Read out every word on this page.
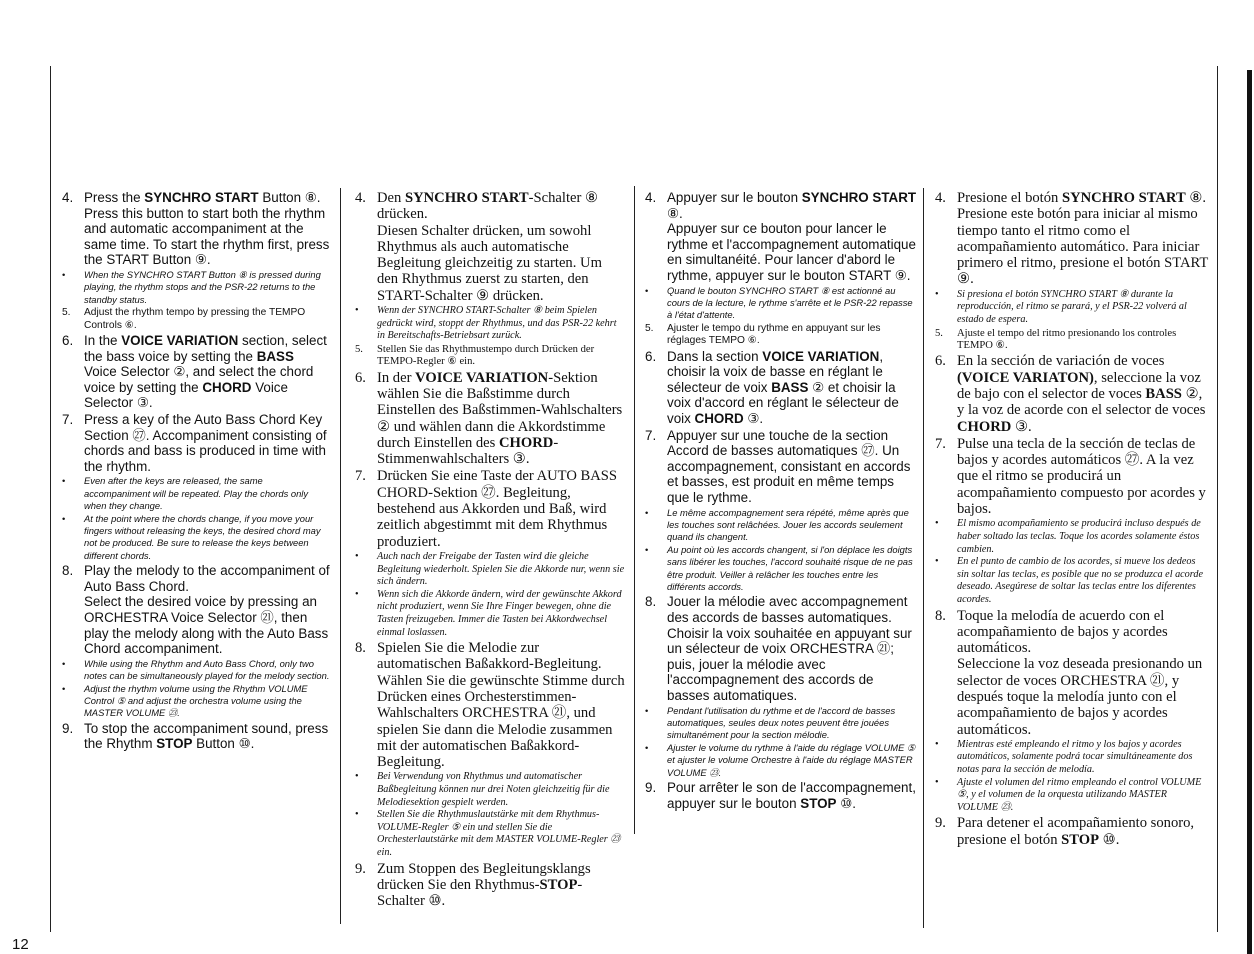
4. Press the SYNCHRO START Button ⑧.
Press this button to start both the rhythm and automatic accompaniment at the same time. To start the rhythm first, press the START Button ⑨.
•	When the SYNCHRO START Button ⑧ is pressed during playing, the rhythm stops and the PSR-22 returns to the standby status.
5.	Adjust the rhythm tempo by pressing the TEMPO Controls ⑥.
6. In the VOICE VARIATION section, select the bass voice by setting the BASS Voice Selector ②, and select the chord voice by setting the CHORD Voice Selector ③.
7. Press a key of the Auto Bass Chord Key Section ㉗. Accompaniment consisting of chords and bass is produced in time with the rhythm.
•	Even after the keys are released, the same accompaniment will be repeated. Play the chords only when they change.
•	At the point where the chords change, if you move your fingers without releasing the keys, the desired chord may not be produced. Be sure to release the keys between different chords.
8. Play the melody to the accompaniment of Auto Bass Chord.
Select the desired voice by pressing an ORCHESTRA Voice Selector ㉑, then play the melody along with the Auto Bass Chord accompaniment.
•	While using the Rhythm and Auto Bass Chord, only two notes can be simultaneously played for the melody section.
•	Adjust the rhythm volume using the Rhythm VOLUME Control ⑤ and adjust the orchestra volume using the MASTER VOLUME ㉓.
9. To stop the accompaniment sound, press the Rhythm STOP Button ⑩.
4. Den SYNCHRO START-Schalter ⑧ drücken.
Diesen Schalter drücken, um sowohl Rhythmus als auch automatische Begleitung gleichzeitig zu starten. Um den Rhythmus zuerst zu starten, den START-Schalter ⑨ drücken.
•	Wenn der SYNCHRO START-Schalter ⑧ beim Spielen gedrückt wird, stoppt der Rhythmus, und das PSR-22 kehrt in Bereitschafts-Betriebsart zurück.
5.	Stellen Sie das Rhythmustempo durch Drücken der TEMPO-Regler ⑥ ein.
6. In der VOICE VARIATION-Sektion wählen Sie die Baßstimme durch Einstellen des Baßstimmen-Wahlschalters ② und wählen dann die Akkordstimme durch Einstellen des CHORD- Stimmenwahlschalters ③.
7. Drücken Sie eine Taste der AUTO BASS CHORD-Sektion ㉗. Begleitung, bestehend aus Akkorden und Baß, wird zeitlich abgestimmt mit dem Rhythmus produziert.
•	Auch nach der Freigabe der Tasten wird die gleiche Begleitung wiederholt. Spielen Sie die Akkorde nur, wenn sie sich ändern.
•	Wenn sich die Akkorde ändern, wird der gewünschte Akkord nicht produziert, wenn Sie Ihre Finger bewegen, ohne die Tasten freizugeben. Immer die Tasten bei Akkordwechsel einmal loslassen.
8. Spielen Sie die Melodie zur automatischen Baßakkord-Begleitung.
Wählen Sie die gewünschte Stimme durch Drücken eines Orchesterstimmen-Wahlschalters ORCHESTRA ㉑, und spielen Sie dann die Melodie zusammen mit der automatischen Baßakkord-Begleitung.
•	Bei Verwendung von Rhythmus und automatischer Baßbegleitung können nur drei Noten gleichzeitig für die Melodiesektion gespielt werden.
•	Stellen Sie die Rhythmuslautstärke mit dem Rhythmus-VOLUME-Regler ⑤ ein und stellen Sie die Orchesterlautstärke mit dem MASTER VOLUME-Regler ㉓ ein.
9. Zum Stoppen des Begleitungsklangs drücken Sie den Rhythmus-STOP-Schalter ⑩.
4. Appuyer sur le bouton SYNCHRO START ⑧.
Appuyer sur ce bouton pour lancer le rythme et l'accompagnement automatique en simultanéité. Pour lancer d'abord le rythme, appuyer sur le bouton START ⑨.
•	Quand le bouton SYNCHRO START ⑧ est actionné au cours de la lecture, le rythme s'arrête et le PSR-22 repasse à l'état d'attente.
5.	Ajuster le tempo du rythme en appuyant sur les réglages TEMPO ⑥.
6. Dans la section VOICE VARIATION, choisir la voix de basse en réglant le sélecteur de voix BASS ② et choisir la voix d'accord en réglant le sélecteur de voix CHORD ③.
7. Appuyer sur une touche de la section Accord de basses automatiques ㉗. Un accompagnement, consistant en accords et basses, est produit en même temps que le rythme.
•	Le même accompagnement sera répété, même après que les touches sont relâchées. Jouer les accords seulement quand ils changent.
•	Au point où les accords changent, si l'on déplace les doigts sans libérer les touches, l'accord souhaité risque de ne pas être produit. Veiller à relâcher les touches entre les différents accords.
8. Jouer la mélodie avec accompagnement des accords de basses automatiques. Choisir la voix souhaitée en appuyant sur un sélecteur de voix ORCHESTRA ㉑; puis, jouer la mélodie avec l'accompagnement des accords de basses automatiques.
•	Pendant l'utilisation du rythme et de l'accord de basses automatiques, seules deux notes peuvent être jouées simultanément pour la section mélodie.
•	Ajuster le volume du rythme à l'aide du réglage VOLUME ⑤ et ajuster le volume Orchestre à l'aide du réglage MASTER VOLUME ㉓.
9. Pour arrêter le son de l'accompagnement, appuyer sur le bouton STOP ⑩.
4. Presione el botón SYNCHRO START ⑧.
Presione este botón para iniciar al mismo tiempo tanto el ritmo como el acompañamiento automático. Para iniciar primero el ritmo, presione el botón START ⑨.
•	Si presiona el botón SYNCHRO START ⑧ durante la reproducción, el ritmo se parará, y el PSR-22 volverá al estado de espera.
5.	Ajuste el tempo del ritmo presionando los controles TEMPO ⑥.
6. En la sección de variación de voces (VOICE VARIATON), seleccione la voz de bajo con el selector de voces BASS ②, y la voz de acorde con el selector de voces CHORD ③.
7. Pulse una tecla de la sección de teclas de bajos y acordes automáticos ㉗. A la vez que el ritmo se producirá un acompañamiento compuesto por acordes y bajos.
•	El mismo acompañamiento se producirá incluso después de haber soltado las teclas. Toque los acordes solamente éstos cambien.
•	En el punto de cambio de los acordes, si mueve los dedeos sin soltar las teclas, es posible que no se produzca el acorde deseado. Asegúrese de soltar las teclas entre los diferentes acordes.
8. Toque la melodía de acuerdo con el acompañamiento de bajos y acordes automáticos.
Seleccione la voz deseada presionando un selector de voces ORCHESTRA ㉑, y después toque la melodía junto con el acompañamiento de bajos y acordes automáticos.
•	Mientras esté empleando el ritmo y los bajos y acordes automáticos, solamente podrá tocar simultáneamente dos notas para la sección de melodía.
•	Ajuste el volumen del ritmo empleando el control VOLUME ⑤, y el volumen de la orquesta utilizando MASTER VOLUME ㉓.
9. Para detener el acompañamiento sonoro, presione el botón STOP ⑩.
12
